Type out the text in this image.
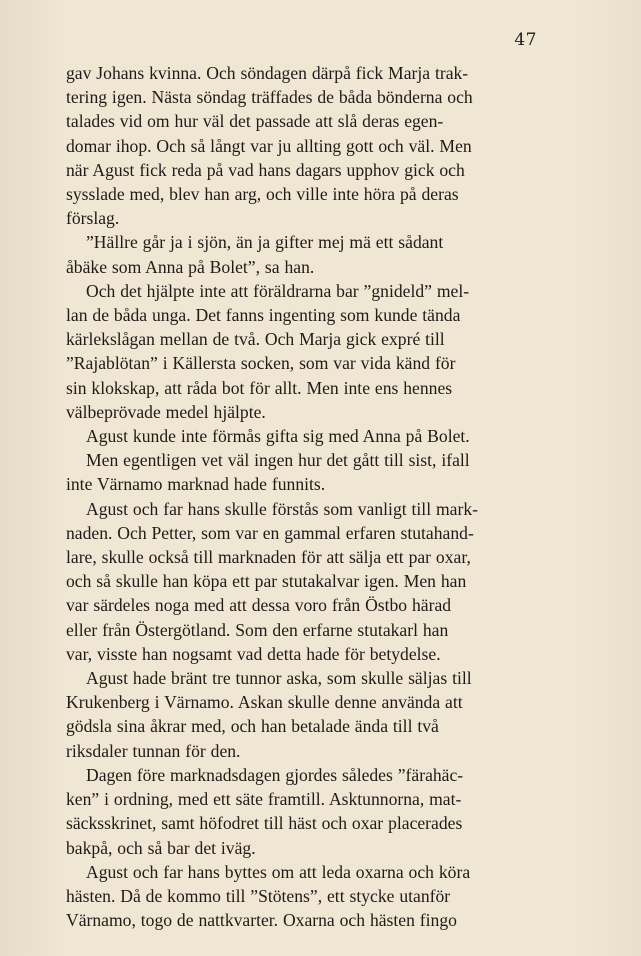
47
gav Johans kvinna. Och söndagen därpå fick Marja trak-
tering igen. Nästa söndag träffades de båda bönderna och
talades vid om hur väl det passade att slå deras egen-
domar ihop. Och så långt var ju allting gott och väl. Men
när Agust fick reda på vad hans dagars upphov gick och
sysslade med, blev han arg, och ville inte höra på deras
förslag.
”Hällre går ja i sjön, än ja gifter mej mä ett sådant
åbäke som Anna på Bolet”, sa han.
Och det hjälpte inte att föräldrarna bar ”gnideld” mel-
lan de båda unga. Det fanns ingenting som kunde tända
kärlekslågan mellan de två. Och Marja gick expré till
”Rajablötan” i Källersta socken, som var vida känd för
sin klokskap, att råda bot för allt. Men inte ens hennes
välbeprövade medel hjälpte.
Agust kunde inte förmås gifta sig med Anna på Bolet.
Men egentligen vet väl ingen hur det gått till sist, ifall
inte Värnamo marknad hade funnits.
Agust och far hans skulle förstås som vanligt till mark-
naden. Och Petter, som var en gammal erfaren stutahand-
lare, skulle också till marknaden för att sälja ett par oxar,
och så skulle han köpa ett par stutakalvar igen. Men han
var särdeles noga med att dessa voro från Östbo härad
eller från Östergötland. Som den erfarne stutakarl han
var, visste han nogsamt vad detta hade för betydelse.
Agust hade bränt tre tunnor aska, som skulle säljas till
Krukenberg i Värnamo. Askan skulle denne använda att
gödsla sina åkrar med, och han betalade ända till två
riksdaler tunnan för den.
Dagen före marknadsdagen gjordes således ”färahäc-
ken” i ordning, med ett säte framtill. Asktunnorna, mat-
säcksskrinet, samt höfodret till häst och oxar placerades
bakpå, och så bar det iväg.
Agust och far hans byttes om att leda oxarna och köra
hästen. Då de kommo till ”Stötens”, ett stycke utanför
Värnamo, togo de nattkvarter. Oxarna och hästen fingo
